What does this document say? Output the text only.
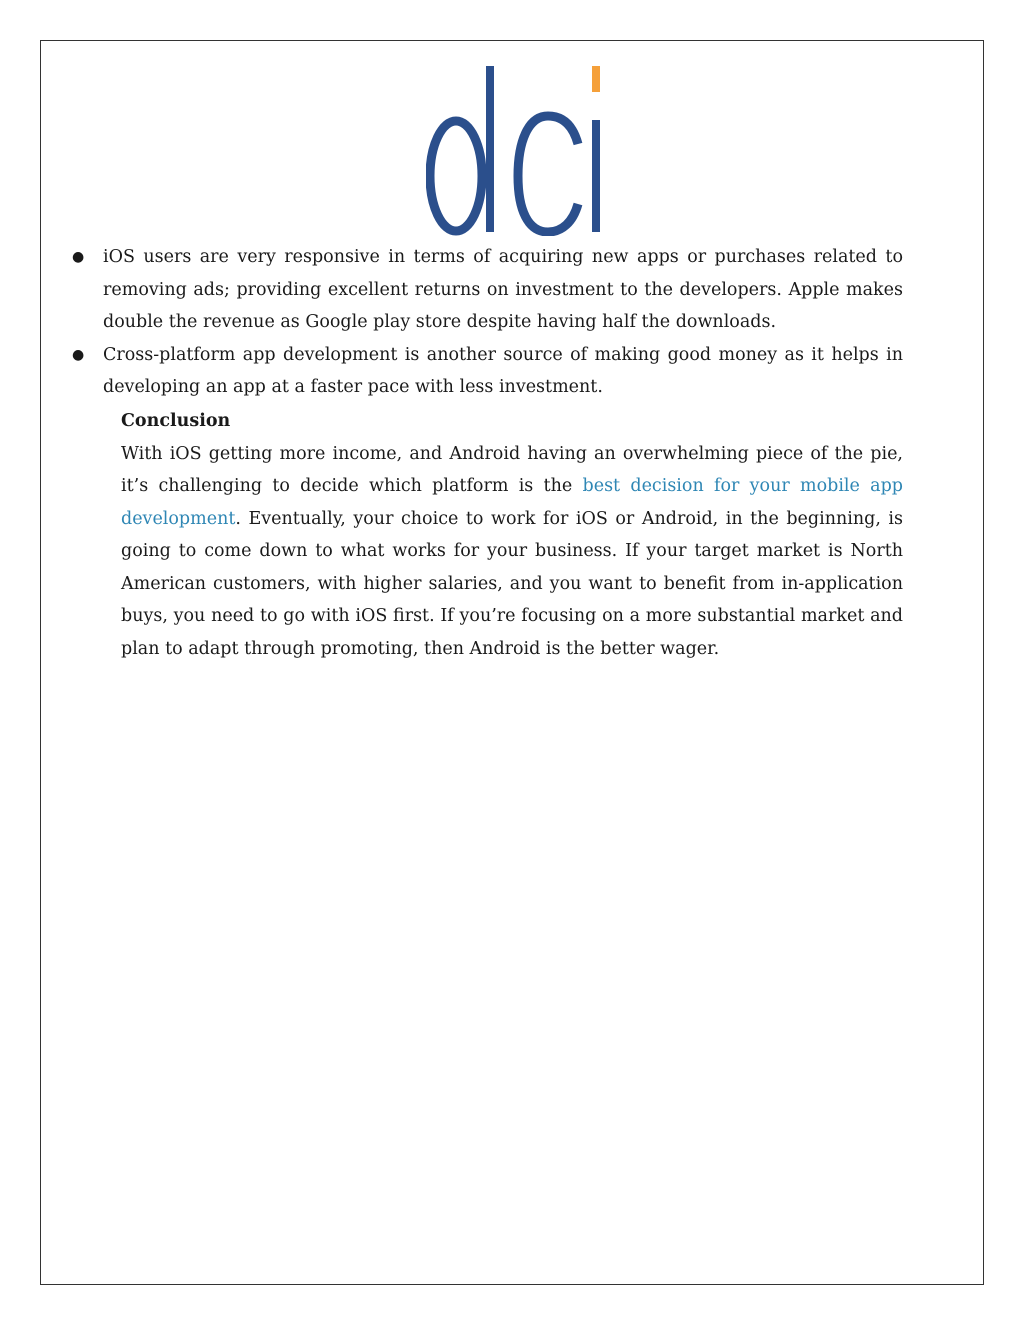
● iOS users are very responsive in terms of acquiring new apps or purchases related to removing ads; providing excellent returns on investment to the developers. Apple makes double the revenue as Google play store despite having half the downloads.
● Cross-platform app development is another source of making good money as it helps in developing an app at a faster pace with less investment.
Conclusion

With iOS getting more income, and Android having an overwhelming piece of the pie, it’s challenging to decide which platform is the best decision for your mobile app development. Eventually, your choice to work for iOS or Android, in the beginning, is going to come down to what works for your business. If your target market is North American customers, with higher salaries, and you want to benefit from in-application buys, you need to go with iOS first. If you’re focusing on a more substantial market and plan to adapt through promoting, then Android is the better wager.
